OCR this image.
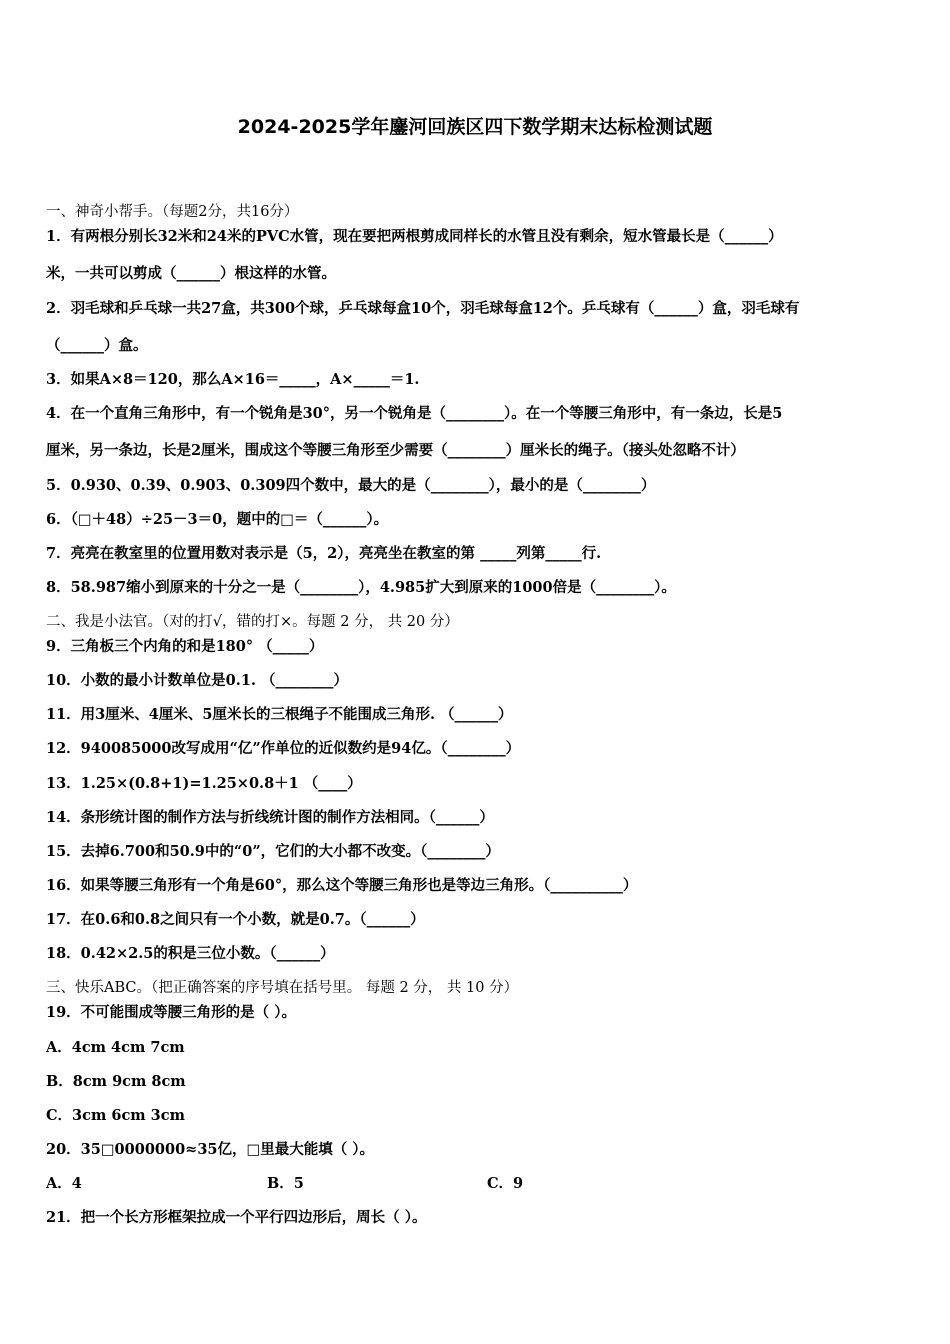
2024-2025学年鏖河回族区四下数学期末达标检测试题
一、神奇小帮手。（每题2分，共16分）
1．有两根分别长32米和24米的PVC水管，现在要把两根剪成同样长的水管且没有剩余，短水管最长是（______）
米，一共可以剪成（______）根这样的水管。
2．羽毛球和乒乓球一共27盒，共300个球，乒乓球每盒10个，羽毛球每盒12个。乒乓球有（______）盒，羽毛球有
（______）盒。
3．如果A×8＝120，那么A×16＝_____，A×_____＝1.
4．在一个直角三角形中，有一个锐角是30°，另一个锐角是（________）。在一个等腰三角形中，有一条边，长是5
厘米，另一条边，长是2厘米，围成这个等腰三角形至少需要（________）厘米长的绳子。（接头处忽略不计）
5．0.930、0.39、0.903、0.309四个数中，最大的是（________），最小的是（________）
6．（□＋48）÷25－3＝0，题中的□＝（______）。
7．亮亮在教室里的位置用数对表示是（5，2），亮亮坐在教室的第 _____列第_____行.
8．58.987缩小到原来的十分之一是（________），4.985扩大到原来的1000倍是（________）。
二、我是小法官。（对的打√，错的打×。每题 2 分， 共 20 分）
9．三角板三个内角的和是180° （_____）
10．小数的最小计数单位是0.1. （________）
11．用3厘米、4厘米、5厘米长的三根绳子不能围成三角形. （______）
12．940085000改写成用“亿”作单位的近似数约是94亿。（________）
13．1.25×(0.8+1)=1.25×0.8＋1 （____）
14．条形统计图的制作方法与折线统计图的制作方法相同。（______）
15．去掉6.700和50.9中的“0”，它们的大小都不改变。（________）
16．如果等腰三角形有一个角是60°，那么这个等腰三角形也是等边三角形。（__________）
17．在0.6和0.8之间只有一个小数，就是0.7。（______）
18．0.42×2.5的积是三位小数。（______）
三、快乐ABC。（把正确答案的序号填在括号里。 每题 2 分， 共 10 分）
19．不可能围成等腰三角形的是（ ）。
A．4cm 4cm 7cm
B．8cm 9cm 8cm
C．3cm 6cm 3cm
20．35□0000000≈35亿，□里最大能填（ ）。
A．4	B．5	C．9
21．把一个长方形框架拉成一个平行四边形后，周长（ ）。
